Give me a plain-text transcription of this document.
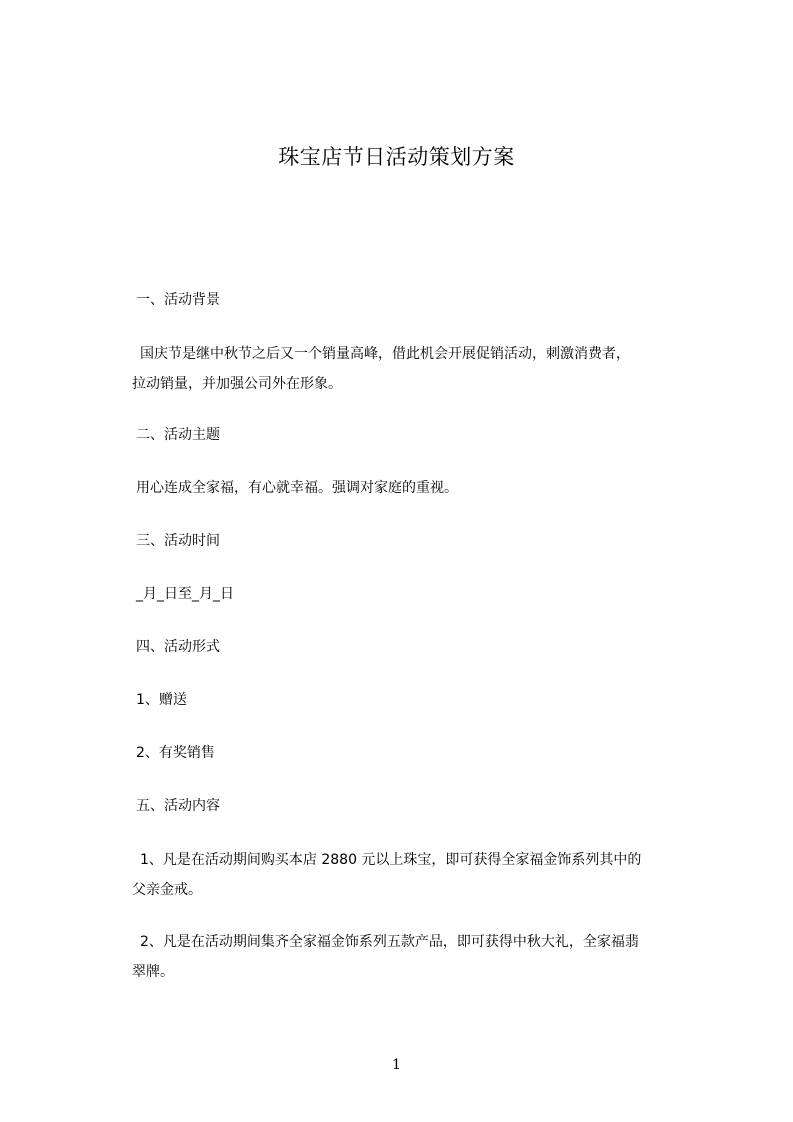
珠宝店节日活动策划方案
一、活动背景
国庆节是继中秋节之后又一个销量高峰，借此机会开展促销活动，刺激消费者，
拉动销量，并加强公司外在形象。
二、活动主题
用心连成全家福，有心就幸福。强调对家庭的重视。
三、活动时间
_月_日至_月_日
四、活动形式
1、赠送
2、有奖销售
五、活动内容
1、凡是在活动期间购买本店 2880 元以上珠宝，即可获得全家福金饰系列其中的
父亲金戒。
2、凡是在活动期间集齐全家福金饰系列五款产品，即可获得中秋大礼，全家福翡
翠牌。
1
